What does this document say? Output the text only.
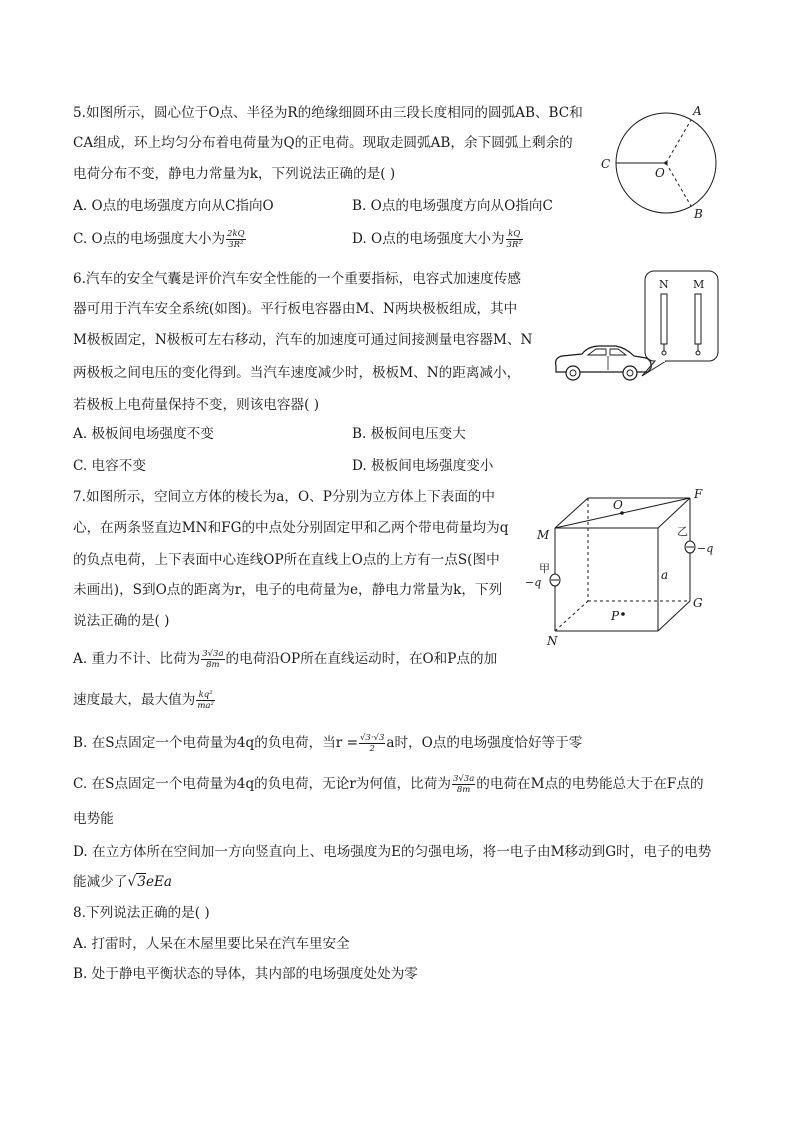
5.如图所示，圆心位于O点、半径为R的绝缘细圆环由三段长度相同的圆弧AB、BC和
CA组成，环上均匀分布着电荷量为Q的正电荷。现取走圆弧AB，余下圆弧上剩余的
电荷分布不变，静电力常量为k，下列说法正确的是( )
A. O点的电场强度方向从C指向O	B. O点的电场强度方向从O指向C
C. O点的电场强度大小为 $\frac{2kQ}{\text{3R²}}$	D. O点的电场强度大小为 $\frac{kQ}{\text{3R²}}$
A
B
C
O
6.汽车的安全气囊是评价汽车安全性能的一个重要指标，电容式加速度传感
器可用于汽车安全系统(如图)。平行板电容器由M、N两块极板组成，其中
M极板固定，N极板可左右移动，汽车的加速度可通过间接测量电容器M、N
两极板之间电压的变化得到。当汽车速度减少时，极板M、N的距离减小，
若极板上电荷量保持不变，则该电容器( )
A. 极板间电场强度不变	B. 极板间电压变大
C. 电容不变	D. 极板间电场强度变小
N M
7.如图所示，空间立方体的棱长为a，O、P分别为立方体上下表面的中
心，在两条竖直边MN和FG的中点处分别固定甲和乙两个带电荷量均为q
的负点电荷，上下表面中心连线OP所在直线上O点的上方有一点S(图中
未画出)，S到O点的距离为r，电子的电荷量为e，静电力常量为k，下列
说法正确的是( )
A. 重力不计、比荷为 $\frac{3√3a}{8m}$ 的电荷沿OP所在直线运动时，在O和P点的加
速度最大，最大值为 $\frac{\text{kq²}}{\text{ma²}}$
B. 在S点固定一个电荷量为4q的负电荷，当$r = \frac{√3\cdot√3}{2}$ a时，O点的电场强度恰好等于零
C. 在S点固定一个电荷量为4q的负电荷，无论r为何值，比荷为 $\frac{3√3a}{8m}$ 的电荷在M点的电势能总大于在F点的
电势能
D. 在立方体所在空间加一方向竖直向上、电场强度为E的匀强电场，将一电子由M移动到G时，电子的电势
能减少了√3eEa
O
F
M
N
G
P
a
甲
−q
乙
−q
8.下列说法正确的是( )
A. 打雷时，人呆在木屋里要比呆在汽车里安全
B. 处于静电平衡状态的导体，其内部的电场强度处处为零
